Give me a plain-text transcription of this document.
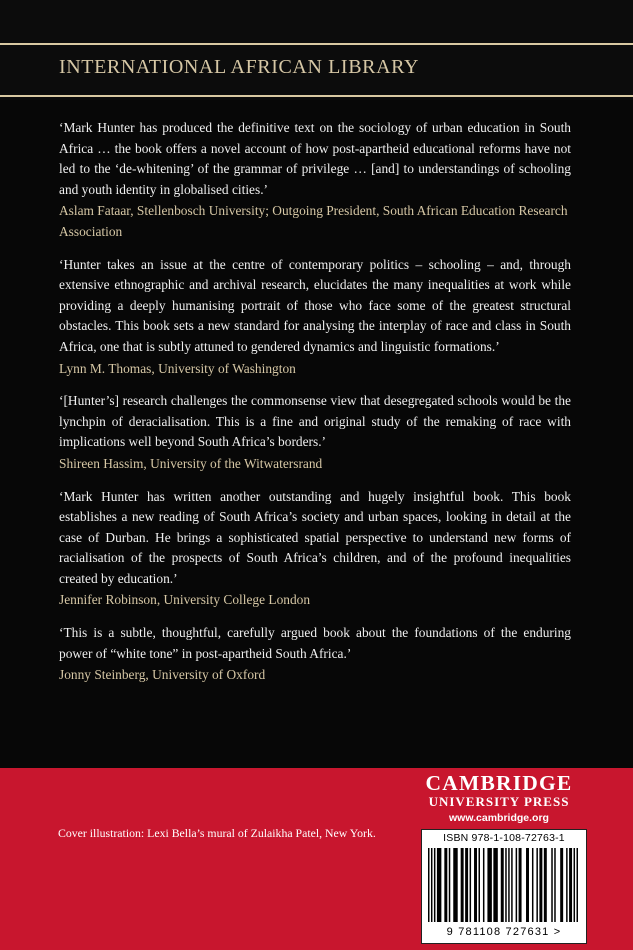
INTERNATIONAL AFRICAN LIBRARY

‘Mark Hunter has produced the definitive text on the sociology of urban education in South Africa … the book offers a novel account of how post-apartheid educational reforms have not led to the ‘de-whitening’ of the grammar of privilege … [and] to understandings of schooling and youth identity in globalised cities.’

Aslam Fataar, Stellenbosch University; Outgoing President, South African Education Research Association

‘Hunter takes an issue at the centre of contemporary politics – schooling – and, through extensive ethnographic and archival research, elucidates the many inequalities at work while providing a deeply humanising portrait of those who face some of the greatest structural obstacles. This book sets a new standard for analysing the interplay of race and class in South Africa, one that is subtly attuned to gendered dynamics and linguistic formations.’

Lynn M. Thomas, University of Washington

‘[Hunter’s] research challenges the commonsense view that desegregated schools would be the lynchpin of deracialisation. This is a fine and original study of the remaking of race with implications well beyond South Africa’s borders.’

Shireen Hassim, University of the Witwatersrand

‘Mark Hunter has written another outstanding and hugely insightful book. This book establishes a new reading of South Africa’s society and urban spaces, looking in detail at the case of Durban. He brings a sophisticated spatial perspective to understand new forms of racialisation of the prospects of South Africa’s children, and of the profound inequalities created by education.’

Jennifer Robinson, University College London

‘This is a subtle, thoughtful, carefully argued book about the foundations of the enduring power of “white tone” in post-apartheid South Africa.’

Jonny Steinberg, University of Oxford

Cover illustration: Lexi Bella’s mural of Zulaikha Patel, New York.
CAMBRIDGE
UNIVERSITY PRESS
www.cambridge.org
ISBN 978-1-108-72763-1
9 781108 727631 >
